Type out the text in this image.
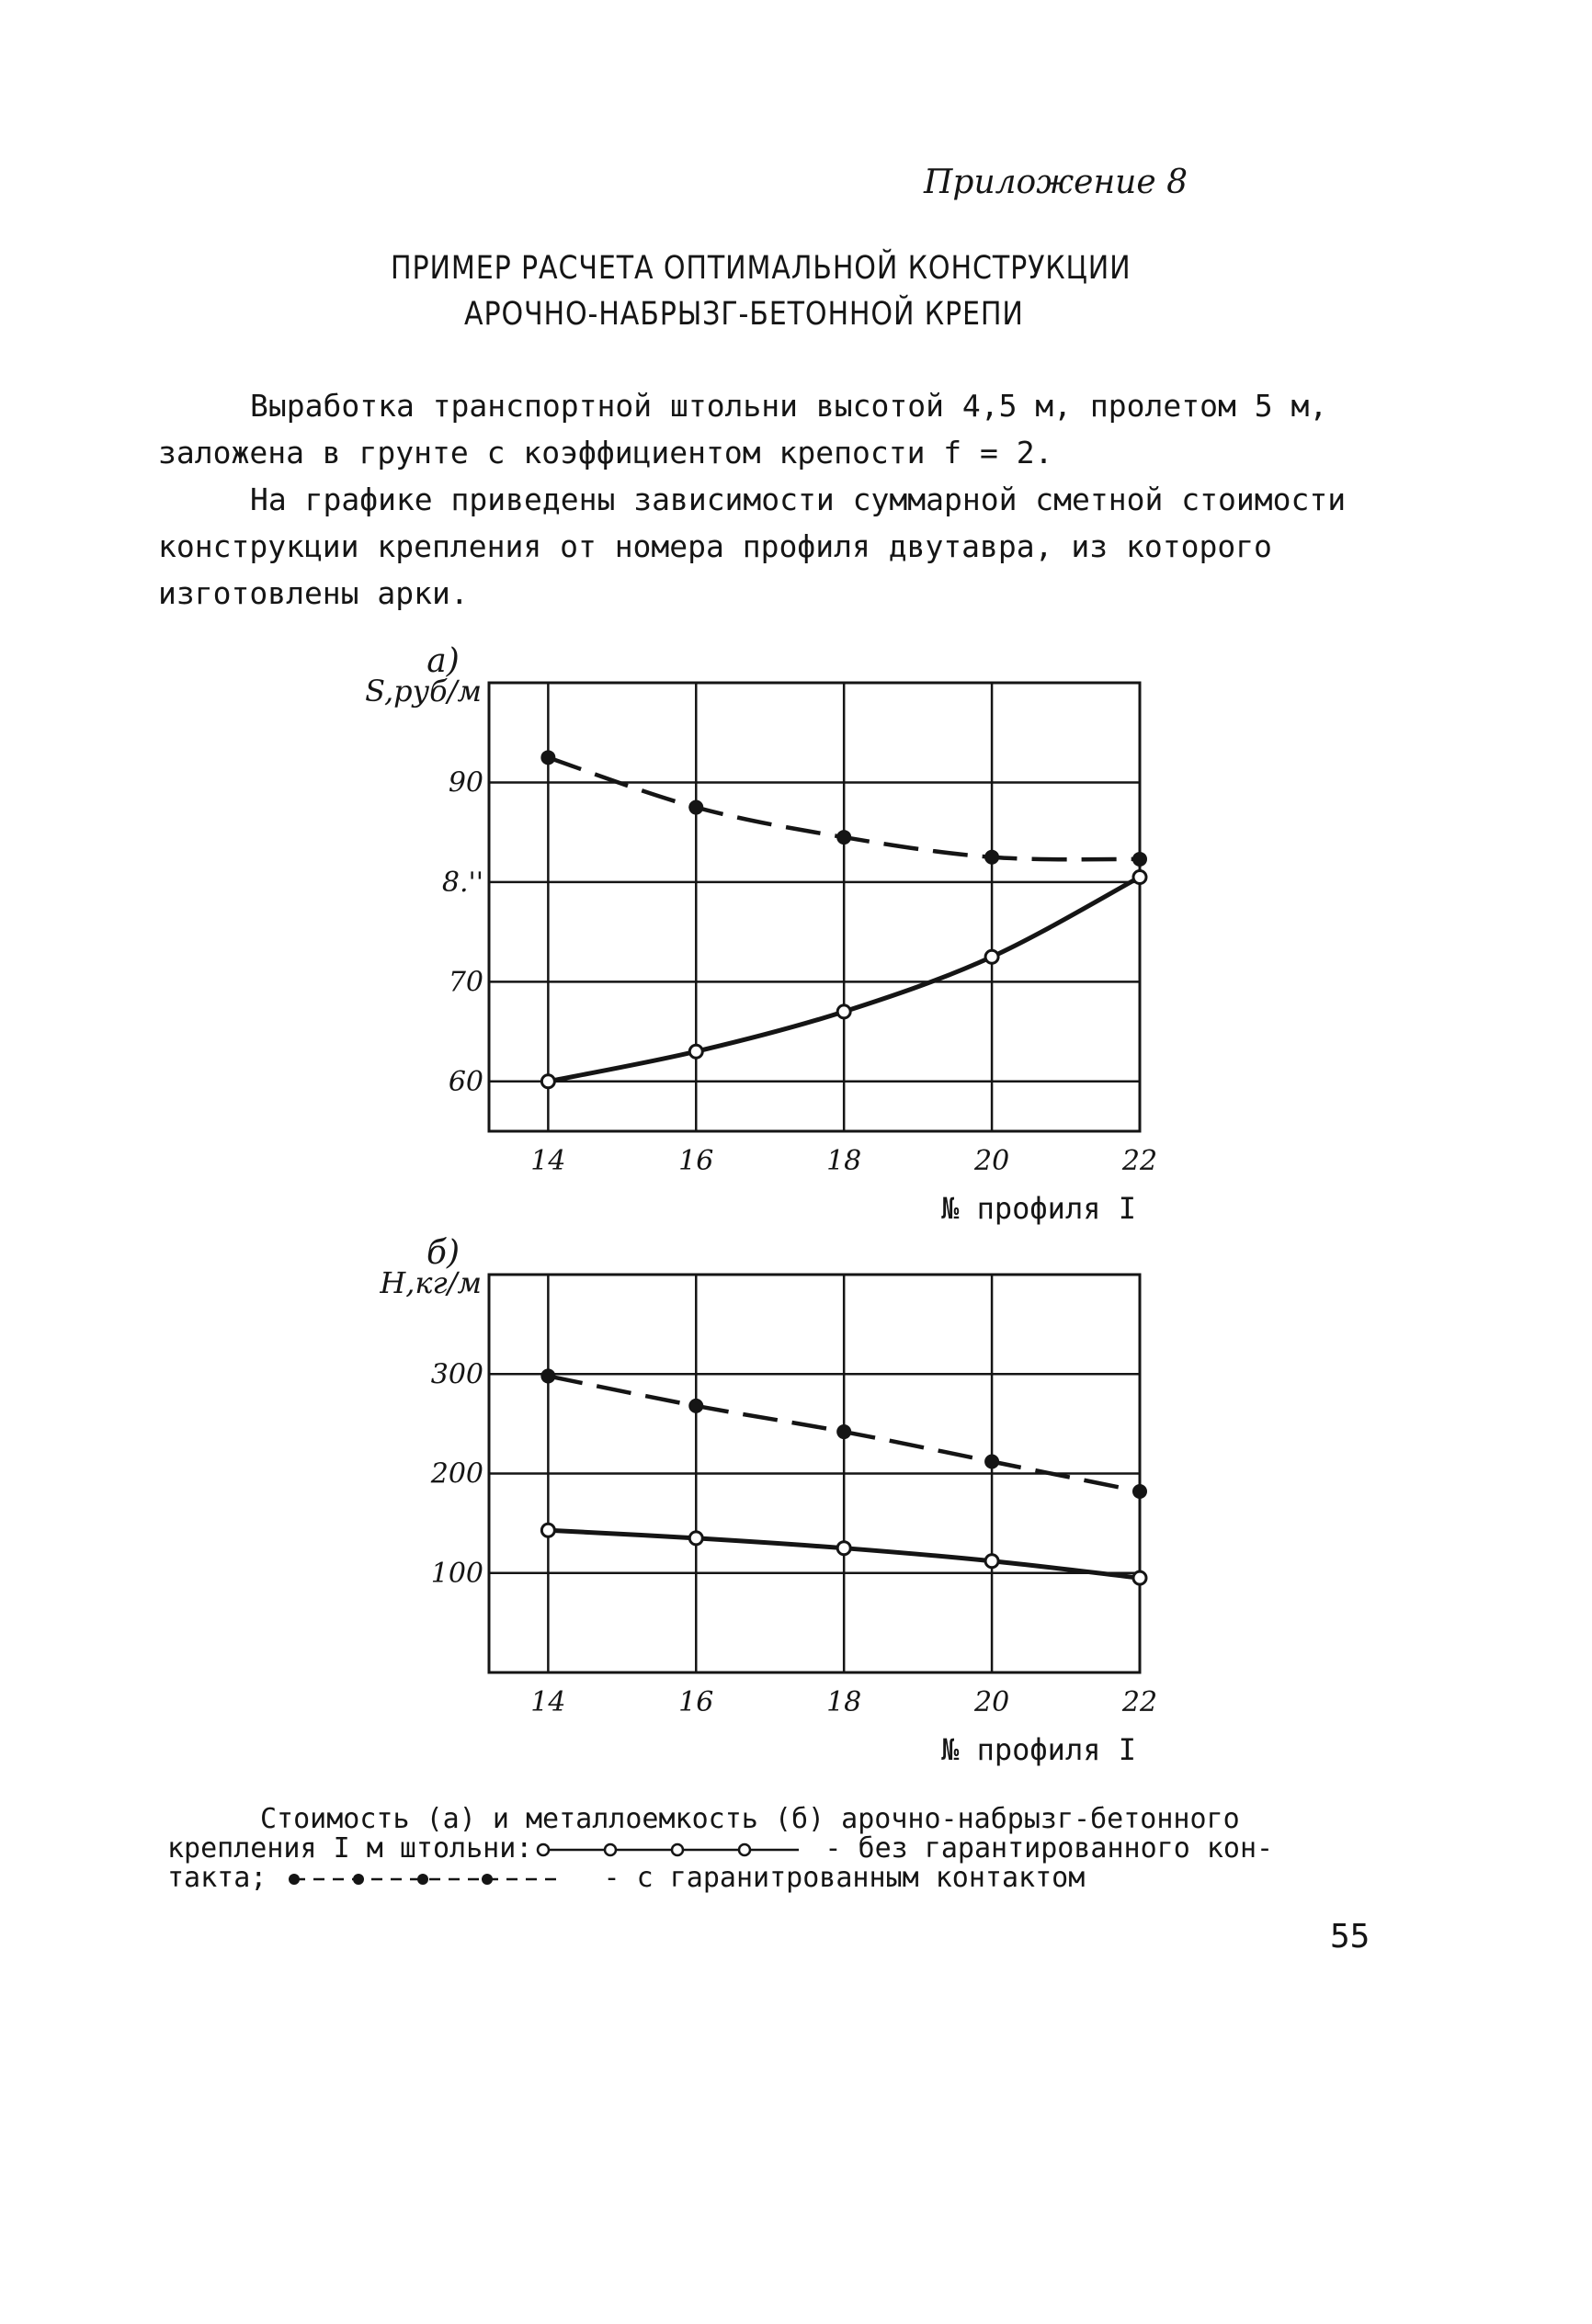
Приложение 8
ПРИМЕР РАСЧЕТА ОПТИМАЛЬНОЙ КОНСТРУКЦИИ
АРОЧНО-НАБРЫЗГ-БЕТОННОЙ КРЕПИ

Выработка транспортной штольни высотой 4,5 м, пролетом 5 м, заложена в грунте с коэффициентом крепости f = 2.

На графике приведены зависимости суммарной сметной стоимости конструкции крепления от номера профиля двутавра, из которого изготовлены арки.

14	16	18	20	22
60
70
8.''
90
а)
S,руб/м
№ профиля I
14	16	18	20	22
100
200
300
б)
Н,кг/м
№ профиля I
Стоимость (а) и металлоемкость (б) арочно-набрызг-бетонного
крепления I м штольни:	- без гарантированного кон-
такта;	- с гаранитрованным контактом
55
